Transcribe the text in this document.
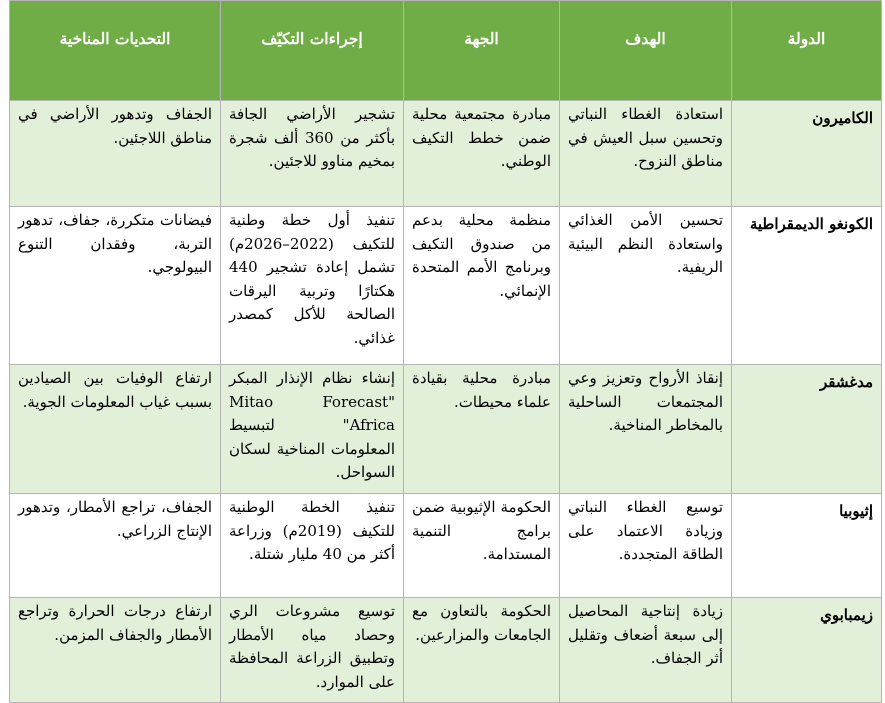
الدولة	الهدف	الجهة	إجراءات التكيّف	التحديات المناخية
الكاميرون	استعادة الغطاء النباتي وتحسين سبل العيش في مناطق النزوح.	مبادرة مجتمعية محلية ضمن خطط التكيف الوطني.	تشجير الأراضي الجافة بأكثر من 360 ألف شجرة بمخيم مناوو للاجئين.	الجفاف وتدهور الأراضي في مناطق اللاجئين.
الكونغو الديمقراطية	تحسين الأمن الغذائي واستعادة النظم البيئية الريفية.	منظمة محلية بدعم من صندوق التكيف وبرنامج الأمم المتحدة الإنمائي.	تنفيذ أول خطة وطنية للتكيف (2022–2026م) تشمل إعادة تشجير 440 هكتارًا وتربية اليرقات الصالحة للأكل كمصدر غذائي.	فيضانات متكررة، جفاف، تدهور التربة، وفقدان التنوع البيولوجي.
مدغشقر	إنقاذ الأرواح وتعزيز وعي المجتمعات الساحلية بالمخاطر المناخية.	مبادرة محلية بقيادة علماء محيطات.	إنشاء نظام الإنذار المبكر "Mitao Forecast Africa" لتبسيط المعلومات المناخية لسكان السواحل.	ارتفاع الوفيات بين الصيادين بسبب غياب المعلومات الجوية.
إثيوبيا	توسيع الغطاء النباتي وزيادة الاعتماد على الطاقة المتجددة.	الحكومة الإثيوبية ضمن برامج التنمية المستدامة.	تنفيذ الخطة الوطنية للتكيف (2019م) وزراعة أكثر من 40 مليار شتلة.	الجفاف، تراجع الأمطار، وتدهور الإنتاج الزراعي.
زيمبابوي	زيادة إنتاجية المحاصيل إلى سبعة أضعاف وتقليل أثر الجفاف.	الحكومة بالتعاون مع الجامعات والمزارعين.	توسيع مشروعات الري وحصاد مياه الأمطار وتطبيق الزراعة المحافظة على الموارد.	ارتفاع درجات الحرارة وتراجع الأمطار والجفاف المزمن.
